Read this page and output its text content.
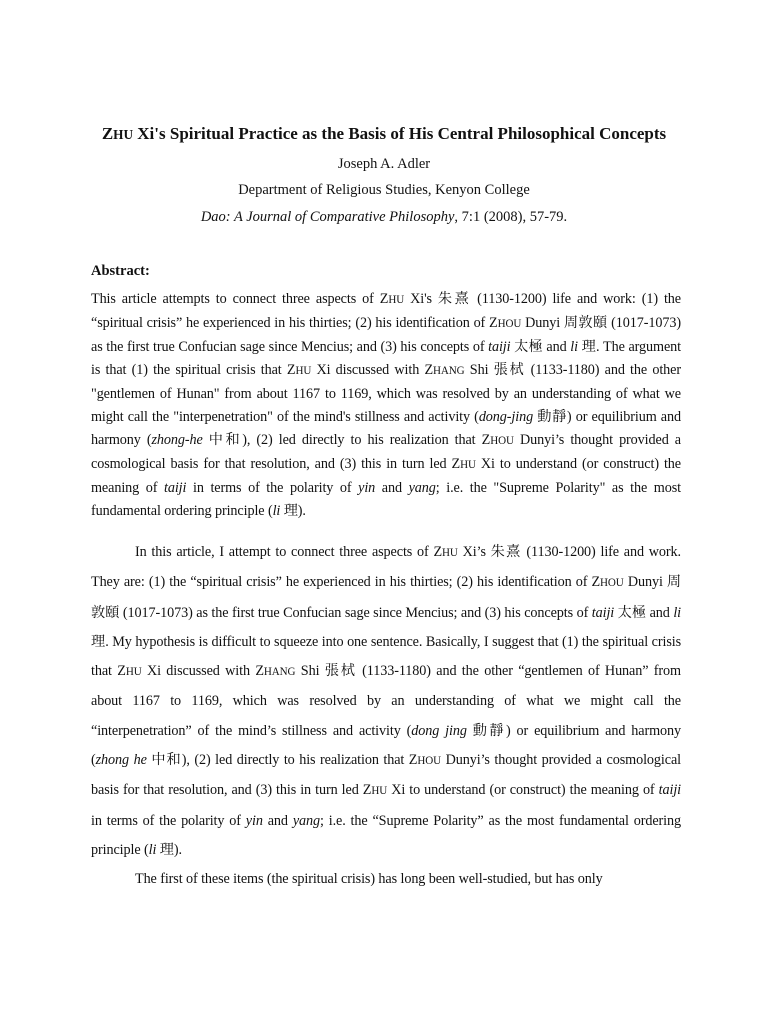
ZHU Xi's Spiritual Practice as the Basis of His Central Philosophical Concepts
Joseph A. Adler
Department of Religious Studies, Kenyon College
Dao: A Journal of Comparative Philosophy, 7:1 (2008), 57-79.
Abstract:
This article attempts to connect three aspects of ZHU Xi's 朱熹 (1130-1200) life and work: (1) the “spiritual crisis” he experienced in his thirties; (2) his identification of ZHOU Dunyi 周敦頤 (1017-1073) as the first true Confucian sage since Mencius; and (3) his concepts of taiji 太極 and li 理. The argument is that (1) the spiritual crisis that ZHU Xi discussed with ZHANG Shi 張栻 (1133-1180) and the other "gentlemen of Hunan" from about 1167 to 1169, which was resolved by an understanding of what we might call the "interpenetration" of the mind's stillness and activity (dong-jing 動靜) or equilibrium and harmony (zhong-he 中和), (2) led directly to his realization that ZHOU Dunyi’s thought provided a cosmological basis for that resolution, and (3) this in turn led ZHU Xi to understand (or construct) the meaning of taiji in terms of the polarity of yin and yang; i.e. the "Supreme Polarity" as the most fundamental ordering principle (li 理).

In this article, I attempt to connect three aspects of ZHU Xi’s 朱熹 (1130-1200) life and work. They are: (1) the “spiritual crisis” he experienced in his thirties; (2) his identification of ZHOU Dunyi 周敦頤 (1017-1073) as the first true Confucian sage since Mencius; and (3) his concepts of taiji 太極 and li 理. My hypothesis is difficult to squeeze into one sentence. Basically, I suggest that (1) the spiritual crisis that ZHU Xi discussed with ZHANG Shi 張栻 (1133-1180) and the other “gentlemen of Hunan” from about 1167 to 1169, which was resolved by an understanding of what we might call the “interpenetration” of the mind’s stillness and activity (dong jing 動靜) or equilibrium and harmony (zhong he 中和), (2) led directly to his realization that ZHOU Dunyi’s thought provided a cosmological basis for that resolution, and (3) this in turn led ZHU Xi to understand (or construct) the meaning of taiji in terms of the polarity of yin and yang; i.e. the “Supreme Polarity” as the most fundamental ordering principle (li 理).

The first of these items (the spiritual crisis) has long been well-studied, but has only
